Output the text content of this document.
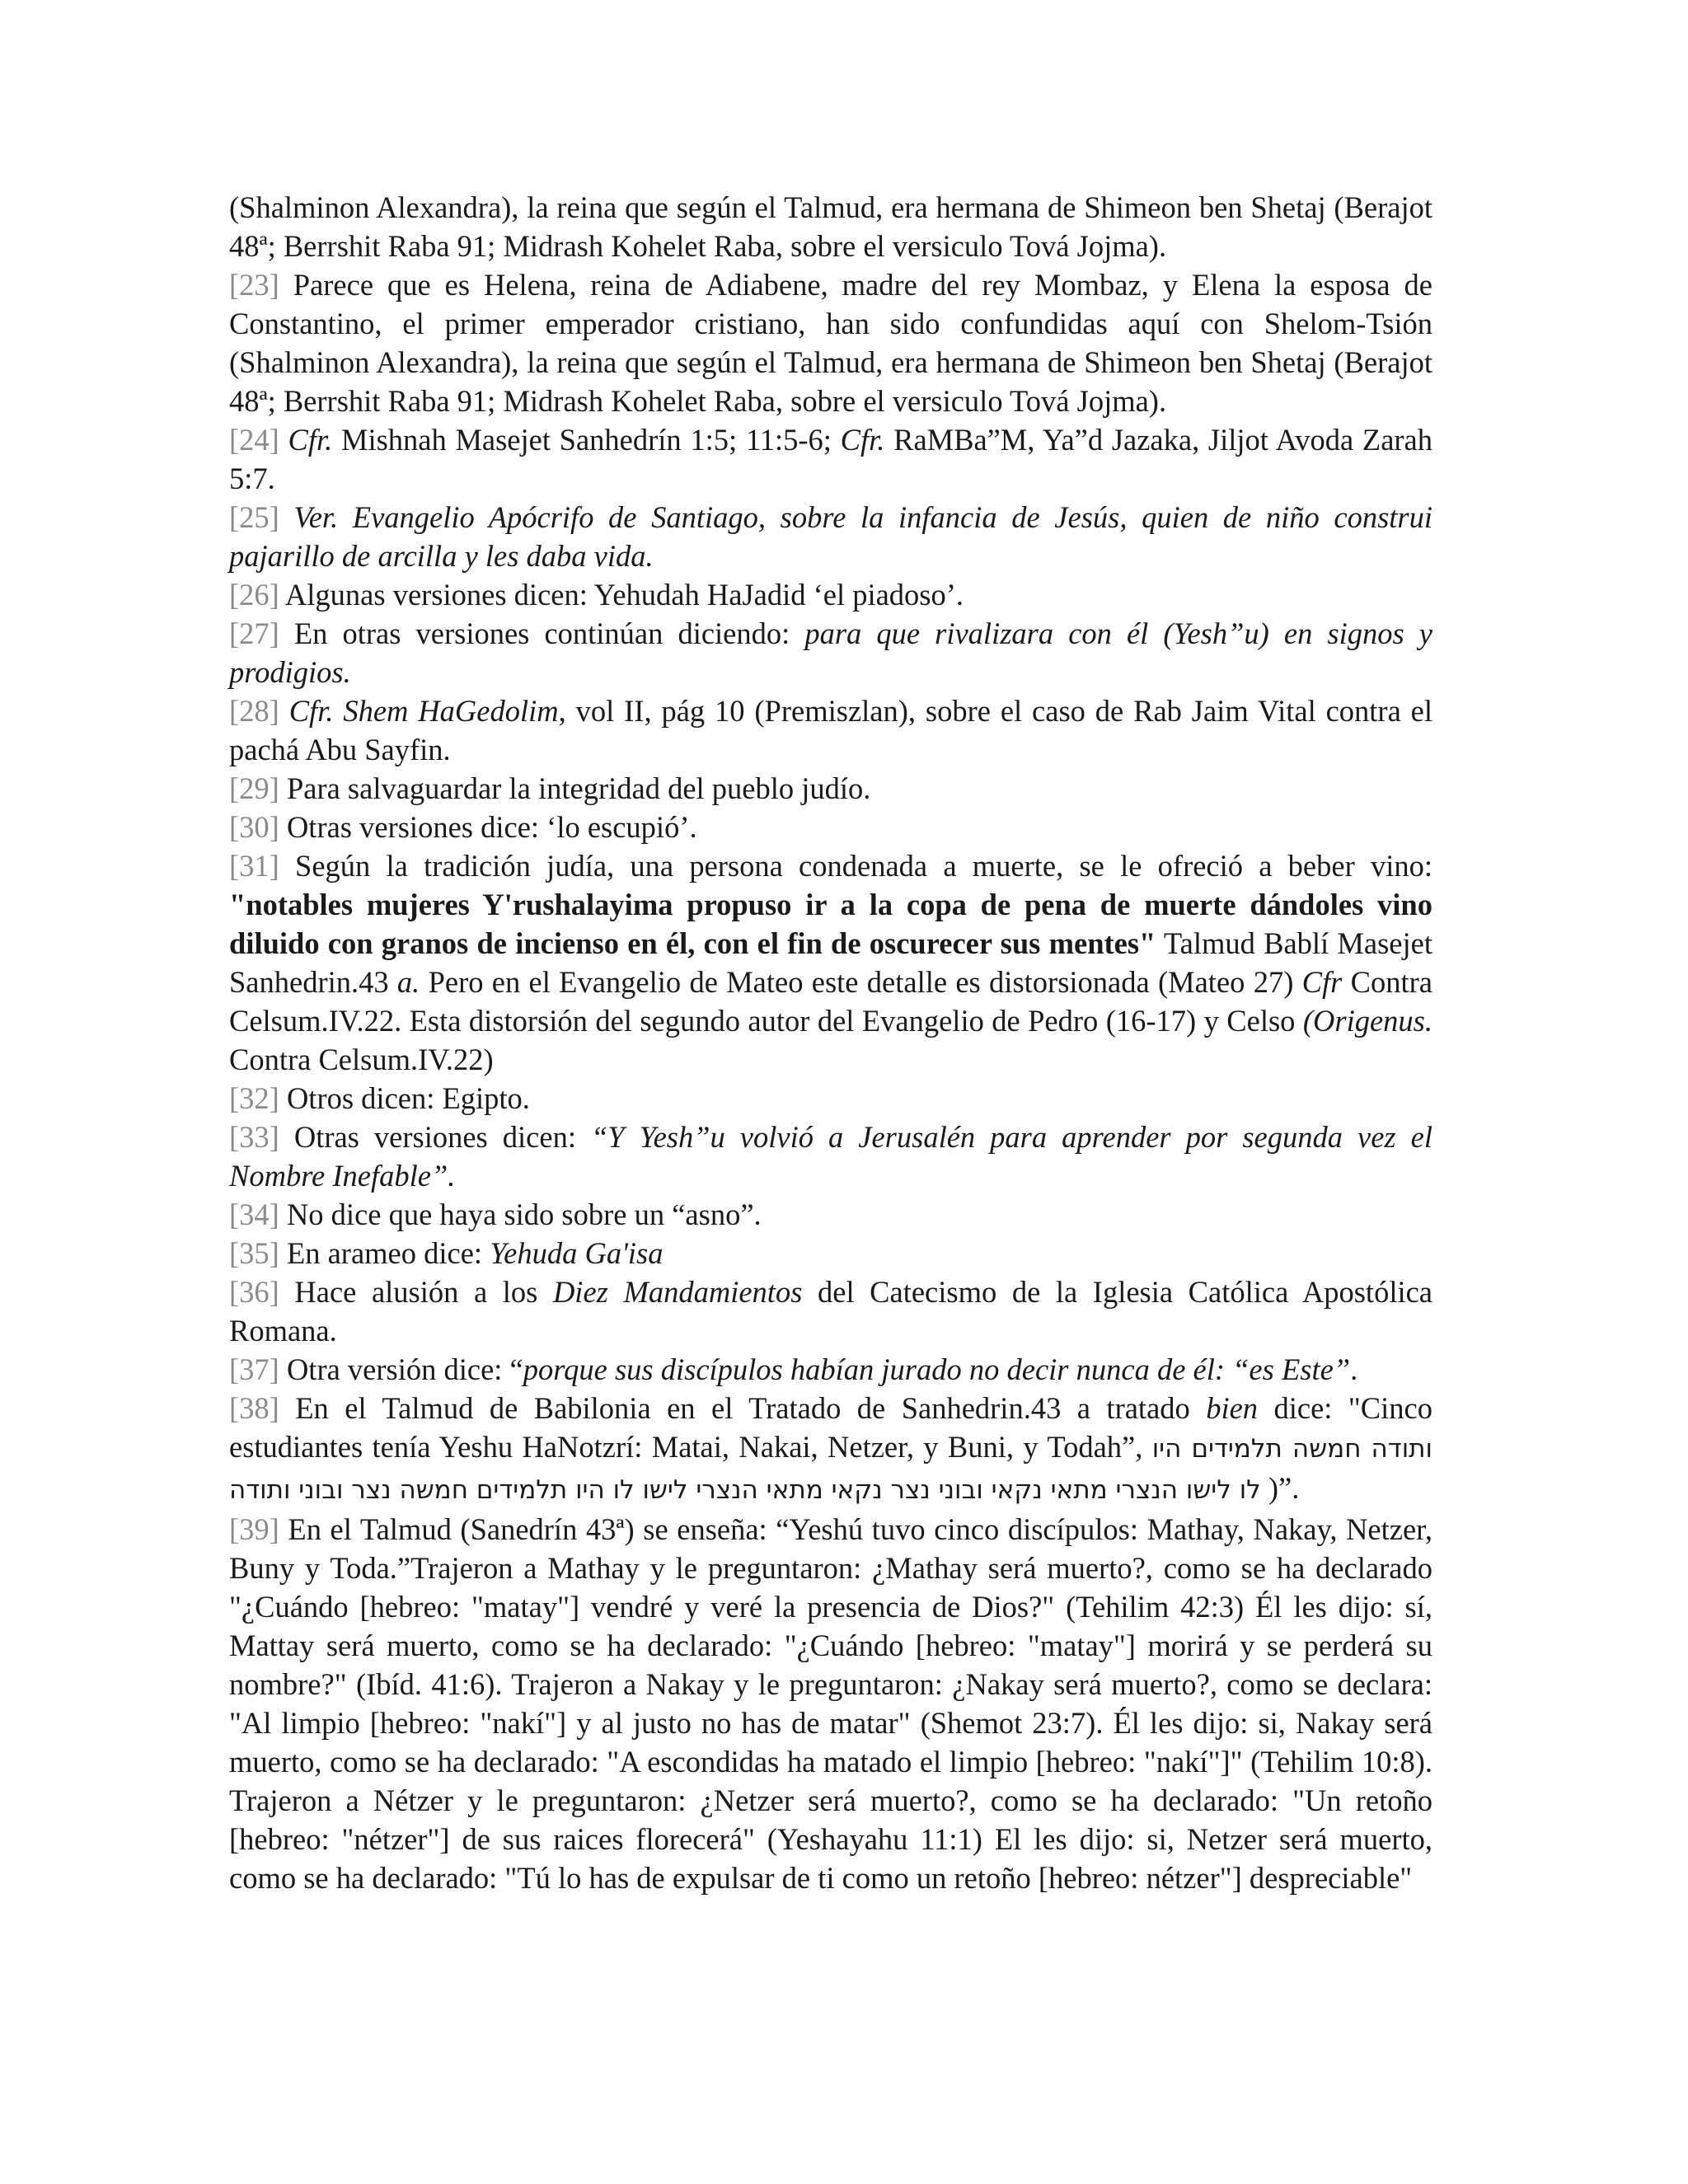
(Shalminon Alexandra), la reina que según el Talmud, era hermana de Shimeon ben Shetaj (Berajot 48ª; Berrshit Raba 91; Midrash Kohelet Raba, sobre el versiculo Tová Jojma).

[23] Parece que es Helena, reina de Adiabene, madre del rey Mombaz, y Elena la esposa de Constantino, el primer emperador cristiano, han sido confundidas aquí con Shelom-Tsión (Shalminon Alexandra), la reina que según el Talmud, era hermana de Shimeon ben Shetaj (Berajot 48ª; Berrshit Raba 91; Midrash Kohelet Raba, sobre el versiculo Tová Jojma).

[24] Cfr. Mishnah Masejet Sanhedrín 1:5; 11:5-6; Cfr. RaMBa”M, Ya”d Jazaka, Jiljot Avoda Zarah 5:7.

[25] Ver. Evangelio Apócrifo de Santiago, sobre la infancia de Jesús, quien de niño construi pajarillo de arcilla y les daba vida.

[26] Algunas versiones dicen: Yehudah HaJadid ‘el piadoso’.

[27] En otras versiones continúan diciendo: para que rivalizara con él (Yesh”u) en signos y prodigios.

[28] Cfr. Shem HaGedolim, vol II, pág 10 (Premiszlan), sobre el caso de Rab Jaim Vital contra el pachá Abu Sayfin.

[29] Para salvaguardar la integridad del pueblo judío.

[30] Otras versiones dice: ‘lo escupió’.

[31] Según la tradición judía, una persona condenada a muerte, se le ofreció a beber vino: "notables mujeres Y'rushalayima propuso ir a la copa de pena de muerte dándoles vino diluido con granos de incienso en él, con el fin de oscurecer sus mentes" Talmud Bablí Masejet Sanhedrin.43 a. Pero en el Evangelio de Mateo este detalle es distorsionada (Mateo 27) Cfr Contra Celsum.IV.22. Esta distorsión del segundo autor del Evangelio de Pedro (16-17) y Celso (Origenus. Contra Celsum.IV.22)

[32] Otros dicen: Egipto.

[33] Otras versiones dicen: “Y Yesh”u volvió a Jerusalén para aprender por segunda vez el Nombre Inefable”.

[34] No dice que haya sido sobre un “asno”.

[35] En arameo dice: Yehuda Ga'isa

[36] Hace alusión a los Diez Mandamientos del Catecismo de la Iglesia Católica Apostólica Romana.

[37] Otra versión dice: “porque sus discípulos habían jurado no decir nunca de él: “es Este”.

[38] En el Talmud de Babilonia en el Tratado de Sanhedrin.43 a tratado bien dice: "Cinco estudiantes tenía Yeshu HaNotzrí: Matai, Nakai, Netzer, y Buni, y Todah”, ותודה חמשה תלמידים היו לו לישו הנצרי מתאי נקאי ובוני נצר נקאי מתאי הנצרי לישו לו היו תלמידים חמשה נצר ובוני ותודה )”.

[39] En el Talmud (Sanedrín 43ª) se enseña: “Yeshú tuvo cinco discípulos: Mathay, Nakay, Netzer, Buny y Toda.”Trajeron a Mathay y le preguntaron: ¿Mathay será muerto?, como se ha declarado "¿Cuándo [hebreo: "matay"] vendré y veré la presencia de Dios?" (Tehilim 42:3) Él les dijo: sí, Mattay será muerto, como se ha declarado: "¿Cuándo [hebreo: "matay"] morirá y se perderá su nombre?" (Ibíd. 41:6). Trajeron a Nakay y le preguntaron: ¿Nakay será muerto?, como se declara: "Al limpio [hebreo: "nakí"] y al justo no has de matar" (Shemot 23:7). Él les dijo: si, Nakay será muerto, como se ha declarado: "A escondidas ha matado el limpio [hebreo: "nakí"]" (Tehilim 10:8). Trajeron a Nétzer y le preguntaron: ¿Netzer será muerto?, como se ha declarado: "Un retoño [hebreo: "nétzer"] de sus raices florecerá" (Yeshayahu 11:1) El les dijo: si, Netzer será muerto, como se ha declarado: "Tú lo has de expulsar de ti como un retoño [hebreo: nétzer"] despreciable"
